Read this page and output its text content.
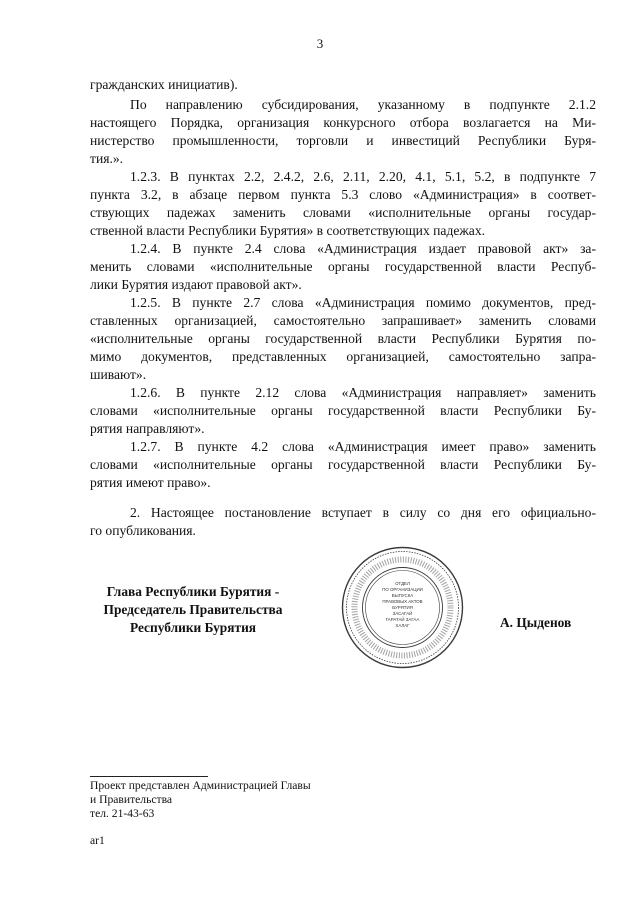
3
гражданских инициатив).
По направлению субсидирования, указанному в подпункте 2.1.2
настоящего Порядка, организация конкурсного отбора возлагается на Ми-
нистерство промышленности, торговли и инвестиций Республики Буря-
тия.».
1.2.3. В пунктах 2.2, 2.4.2, 2.6, 2.11, 2.20, 4.1, 5.1, 5.2, в подпункте 7
пункта 3.2, в абзаце первом пункта 5.3 слово «Администрация» в соответ-
ствующих падежах заменить словами «исполнительные органы государ-
ственной власти Республики Бурятия» в соответствующих падежах.
1.2.4. В пункте 2.4 слова «Администрация издает правовой акт» за-
менить словами «исполнительные органы государственной власти Респуб-
лики Бурятия издают правовой акт».
1.2.5. В пункте 2.7 слова «Администрация помимо документов, пред-
ставленных организацией, самостоятельно запрашивает» заменить словами
«исполнительные органы государственной власти Республики Бурятия по-
мимо документов, представленных организацией, самостоятельно запра-
шивают».
1.2.6. В пункте 2.12 слова «Администрация направляет» заменить
словами «исполнительные органы государственной власти Республики Бу-
рятия направляют».
1.2.7. В пункте 4.2 слова «Администрация имеет право» заменить
словами «исполнительные органы государственной власти Республики Бу-
рятия имеют право».
2. Настоящее постановление вступает в силу со дня его официально-
го опубликования.
Глава Республики Бурятия -
Председатель Правительства
Республики Бурятия
ОТДЕЛ
ПО ОРГАНИЗАЦИИ
ВЫПУСКА
ПРАВОВЫХ АКТОВ
БУРЯТИЯ
ЗАСАГАЙ
ГАРАТАЙ ЗАГАА
ХАЛАГ	А. Цыденов
Проект представлен Администрацией Главы
и Правительства
тел. 21-43-63
ar1
